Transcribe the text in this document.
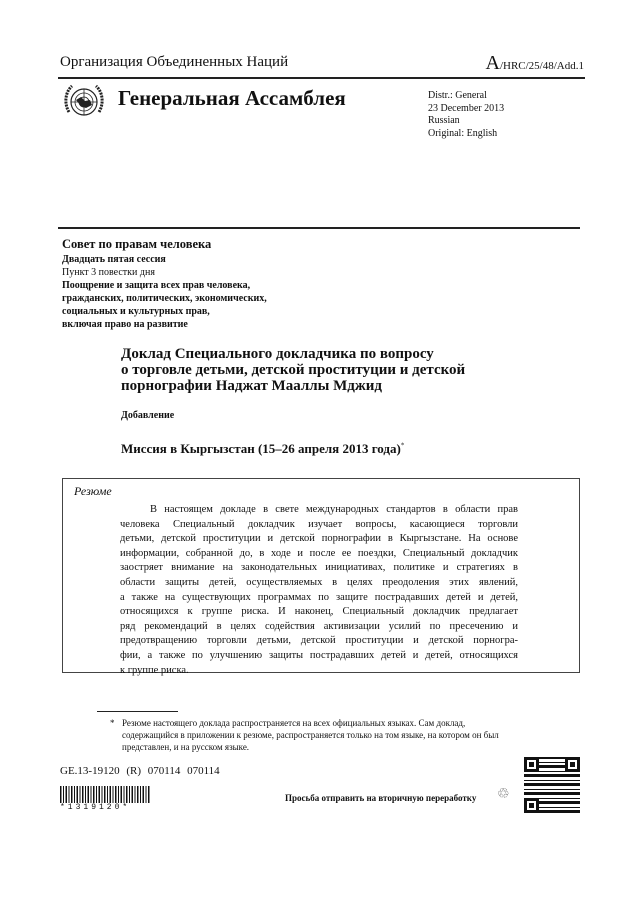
Организация Объединенных Наций	A/HRC/25/48/Add.1
Генеральная Ассамблея	Distr.: General
23 December 2013
Russian
Original: English
Совет по правам человека
Двадцать пятая сессия
Пункт 3 повестки дня
Поощрение и защита всех прав человека,
гражданских, политических, экономических,
социальных и культурных прав,
включая право на развитие
Доклад Специального докладчика по вопросу
о торговле детьми, детской проституции и детской
порнографии Наджат Мааллы Мджид
Добавление
Миссия в Кыргызстан (15–26 апреля 2013 года)*
Резюме
В настоящем докладе в свете международных стандартов в области прав
человека Специальный докладчик изучает вопросы, касающиеся торговли
детьми, детской проституции и детской порнографии в Кыргызстане. На основе
информации, собранной до, в ходе и после ее поездки, Специальный докладчик
заостряет внимание на законодательных инициативах, политике и стратегиях в
области защиты детей, осуществляемых в целях преодоления этих явлений,
а также на существующих программах по защите пострадавших детей и детей,
относящихся к группе риска. И наконец, Специальный докладчик предлагает
ряд рекомендаций в целях содействия активизации усилий по пресечению и
предотвращению торговли детьми, детской проституции и детской порногра-
фии, а также по улучшению защиты пострадавших детей и детей, относящихся
к группе риска.
* Резюме настоящего доклада распространяется на всех официальных языках. Сам доклад, содержащийся в приложении к резюме, распространяется только на том языке, на котором он был представлен, и на русском языке.
GE.13-19120 (R) 070114 070114
*1319120*
Просьба отправить на вторичную переработку ♲
